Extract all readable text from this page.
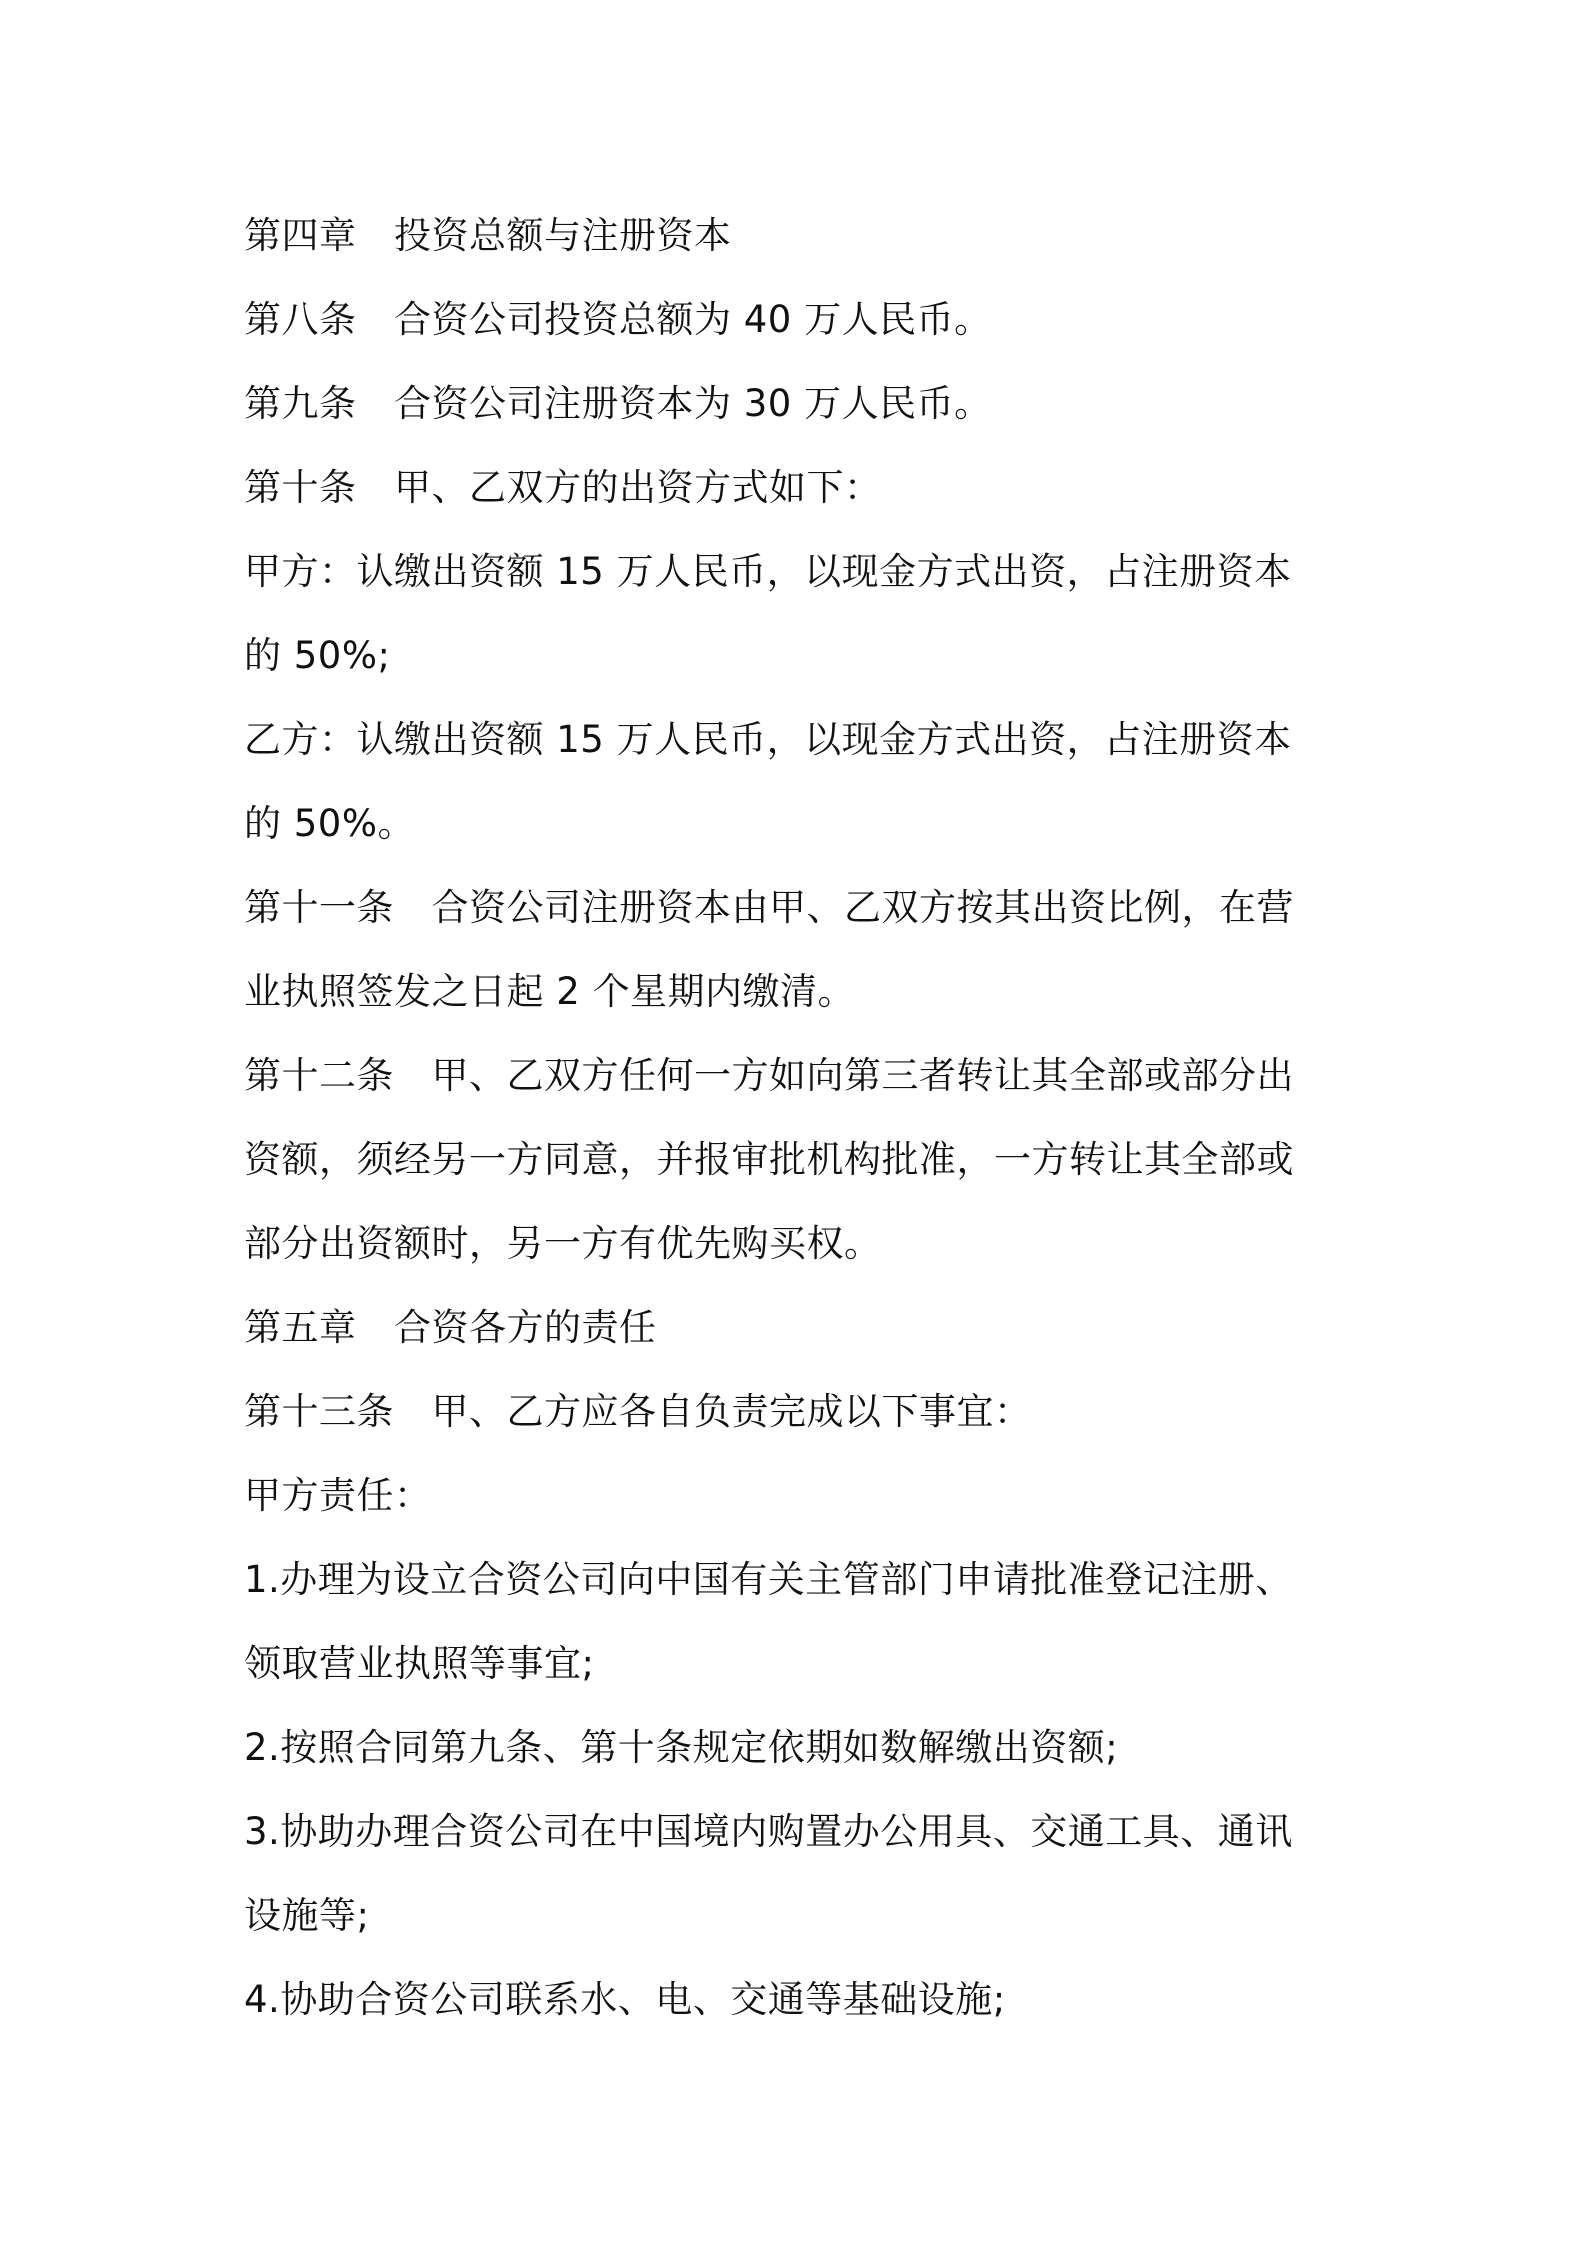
第四章　投资总额与注册资本

第八条　合资公司投资总额为 40 万人民币。

第九条　合资公司注册资本为 30 万人民币。

第十条　甲、乙双方的出资方式如下：

甲方：认缴出资额 15 万人民币，以现金方式出资，占注册资本

的 50%;

乙方：认缴出资额 15 万人民币，以现金方式出资，占注册资本

的 50%。

第十一条　合资公司注册资本由甲、乙双方按其出资比例，在营

业执照签发之日起 2 个星期内缴清。

第十二条　甲、乙双方任何一方如向第三者转让其全部或部分出

资额，须经另一方同意，并报审批机构批准，一方转让其全部或

部分出资额时，另一方有优先购买权。

第五章　合资各方的责任

第十三条　甲、乙方应各自负责完成以下事宜：

甲方责任：

1.办理为设立合资公司向中国有关主管部门申请批准登记注册、

领取营业执照等事宜;

2.按照合同第九条、第十条规定依期如数解缴出资额;

3.协助办理合资公司在中国境内购置办公用具、交通工具、通讯

设施等;

4.协助合资公司联系水、电、交通等基础设施;
